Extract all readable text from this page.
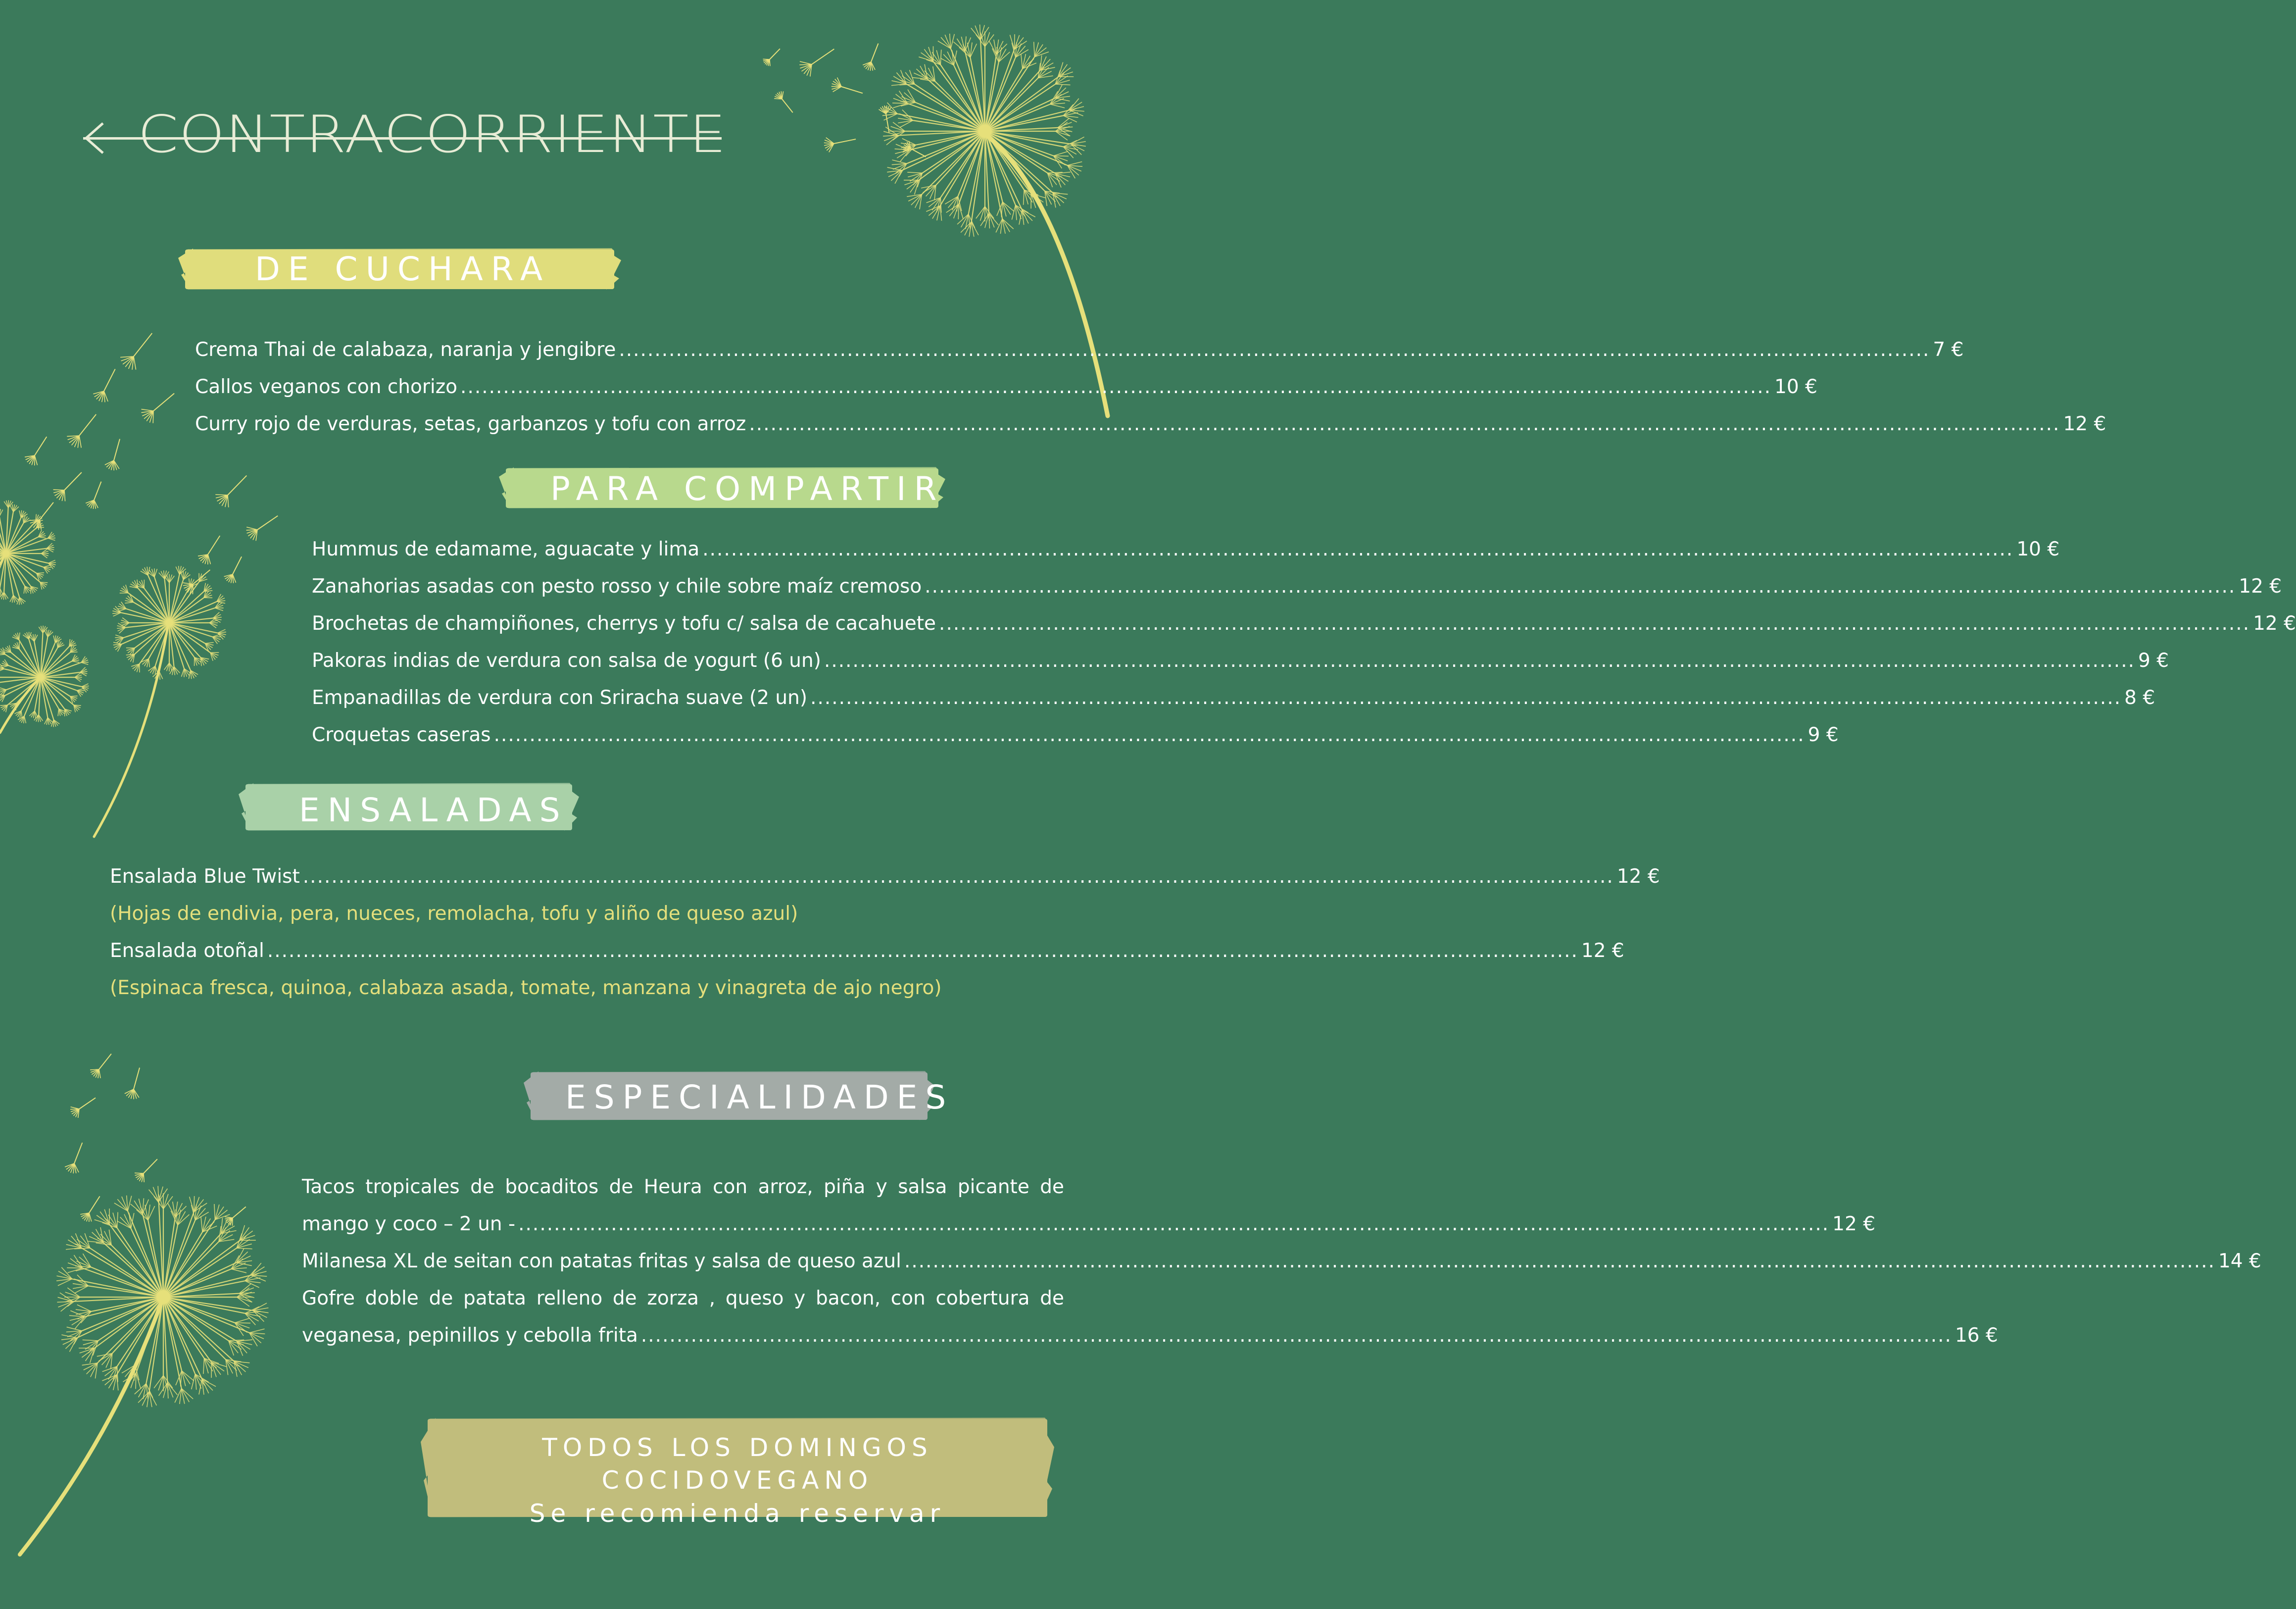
CONTRACORRIENTE
DE CUCHARA
Crema Thai de calabaza, naranja y jengibre ........................................................................................................................................................................................ 7 €
Callos veganos con chorizo ........................................................................................................................................................................................ 10 €
Curry rojo de verduras, setas, garbanzos y tofu con arroz ........................................................................................................................................................................................ 12 €
PARA COMPARTIR
Hummus de edamame, aguacate y lima ........................................................................................................................................................................................ 10 €
Zanahorias asadas con pesto rosso y chile sobre maíz cremoso ........................................................................................................................................................................................ 12 €
Brochetas de champiñones, cherrys y tofu c/ salsa de cacahuete ........................................................................................................................................................................................ 12 €
Pakoras indias de verdura con salsa de yogurt (6 un) ........................................................................................................................................................................................ 9 €
Empanadillas de verdura con Sriracha suave (2 un) ........................................................................................................................................................................................ 8 €
Croquetas caseras ........................................................................................................................................................................................ 9 €
ENSALADAS
Ensalada Blue Twist ........................................................................................................................................................................................ 12 €
(Hojas de endivia, pera, nueces, remolacha, tofu y aliño de queso azul)
Ensalada otoñal ........................................................................................................................................................................................ 12 €
(Espinaca fresca, quinoa, calabaza asada, tomate, manzana y vinagreta de ajo negro)
ESPECIALIDADES
Tacos tropicales de bocaditos de Heura con arroz, piña y salsa picante de
mango y coco – 2 un - ........................................................................................................................................................................................ 12 €
Milanesa XL de seitan con patatas fritas y salsa de queso azul ........................................................................................................................................................................................ 14 €
Gofre doble de patata relleno de zorza , queso y bacon, con cobertura de
veganesa, pepinillos y cebolla frita ........................................................................................................................................................................................ 16 €
TODOS LOS DOMINGOS
COCIDOVEGANO
Se recomienda reservar
